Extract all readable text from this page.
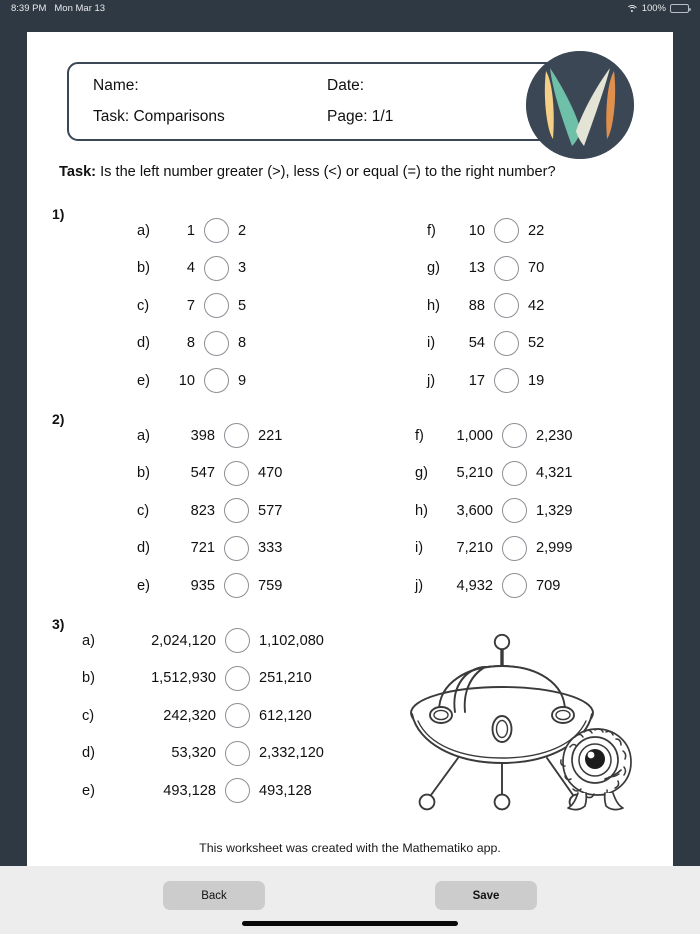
8:39 PM Mon Mar 13	100%
Name:	Date:
Task: Comparisons	Page: 1/1
Task: Is the left number greater (>), less (<) or equal (=) to the right number?
1)
a)	1	2
b)	4	3
c)	7	5
d)	8	8
e)	10	9
f)	10	22
g)	13	70
h)	88	42
i)	54	52
j)	17	19
2)
a)	398	221
b)	547	470
c)	823	577
d)	721	333
e)	935	759
f)	1,000	2,230
g)	5,210	4,321
h)	3,600	1,329
i)	7,210	2,999
j)	4,932	709
3)
a)	2,024,120	1,102,080
b)	1,512,930	251,210
c)	242,320	612,120
d)	53,320	2,332,120
e)	493,128	493,128
This worksheet was created with the Mathematiko app.
Back	Save
